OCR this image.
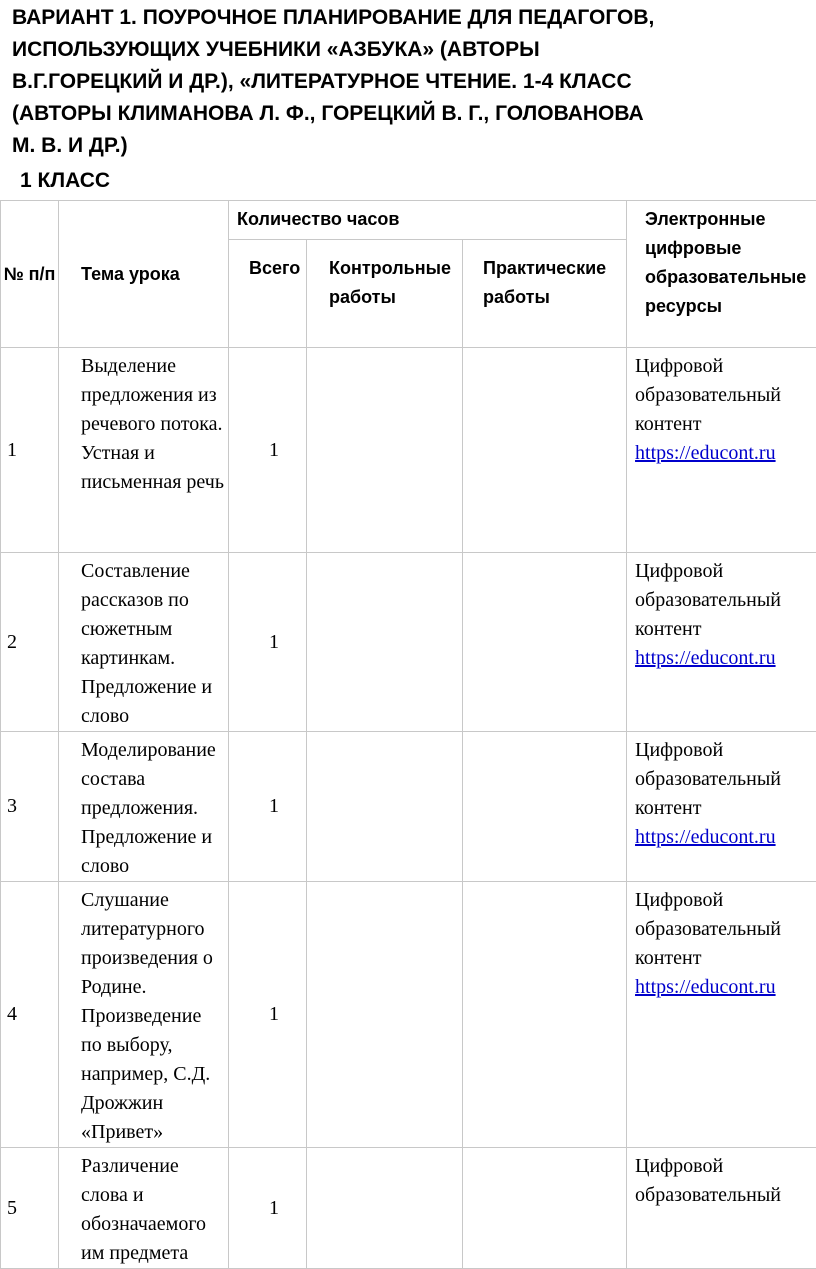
ВАРИАНТ 1. ПОУРОЧНОЕ ПЛАНИРОВАНИЕ ДЛЯ ПЕДАГОГОВ,
ИСПОЛЬЗУЮЩИХ УЧЕБНИКИ «АЗБУКА» (АВТОРЫ
В.Г.ГОРЕЦКИЙ И ДР.), «ЛИТЕРАТУРНОЕ ЧТЕНИЕ. 1-4 КЛАСС
(АВТОРЫ КЛИМАНОВА Л. Ф., ГОРЕЦКИЙ В. Г., ГОЛОВАНОВА
М. В. И ДР.)
1 КЛАСС
№ п/п	Тема урока	Количество часов			Электронные цифровые образовательные ресурсы
		Всего	Контрольные работы	Практические работы	
1	Выделение предложения из речевого потока. Устная и письменная речь	1			Цифровой образовательный контент https://educont.ru
2	Составление рассказов по сюжетным картинкам. Предложение и слово	1			Цифровой образовательный контент https://educont.ru
3	Моделирование состава предложения. Предложение и слово	1			Цифровой образовательный контент https://educont.ru
4	Слушание литературного произведения о Родине. Произведение по выбору, например, С.Д. Дрожжин «Привет»	1			Цифровой образовательный контент https://educont.ru
5	Различение слова и обозначаемого им предмета	1			Цифровой образовательный
